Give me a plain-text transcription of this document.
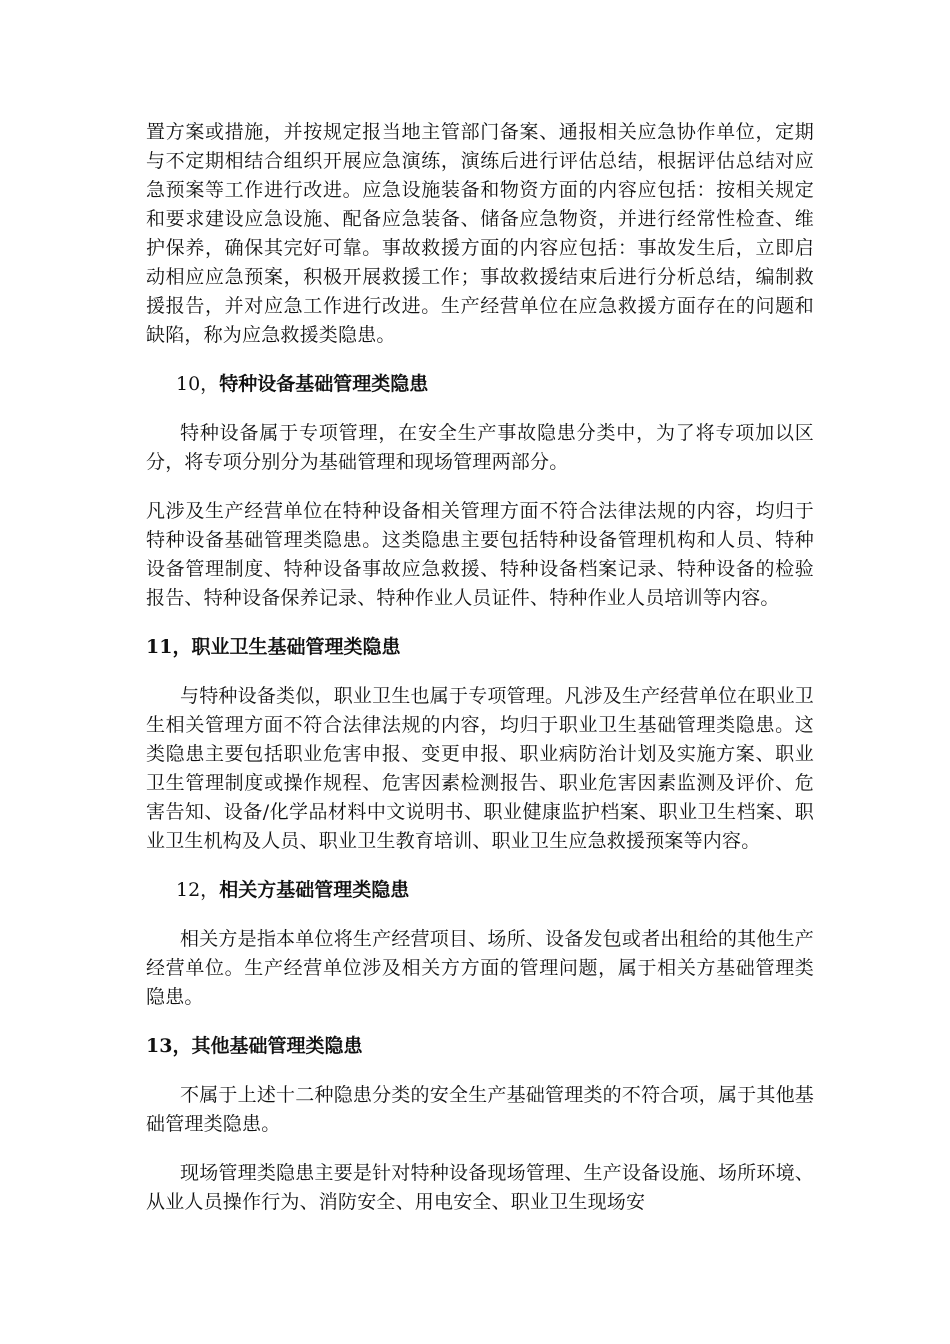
置方案或措施，并按规定报当地主管部门备案、通报相关应急协作单位，定期与不定期相结合组织开展应急演练，演练后进行评估总结，根据评估总结对应急预案等工作进行改进。应急设施装备和物资方面的内容应包括：按相关规定和要求建设应急设施、配备应急装备、储备应急物资，并进行经常性检查、维护保养，确保其完好可靠。事故救援方面的内容应包括：事故发生后，立即启动相应应急预案，积极开展救援工作；事故救援结束后进行分析总结，编制救援报告，并对应急工作进行改进。生产经营单位在应急救援方面存在的问题和缺陷，称为应急救援类隐患。

10，特种设备基础管理类隐患

特种设备属于专项管理，在安全生产事故隐患分类中，为了将专项加以区分，将专项分别分为基础管理和现场管理两部分。

凡涉及生产经营单位在特种设备相关管理方面不符合法律法规的内容，均归于特种设备基础管理类隐患。这类隐患主要包括特种设备管理机构和人员、特种设备管理制度、特种设备事故应急救援、特种设备档案记录、特种设备的检验报告、特种设备保养记录、特种作业人员证件、特种作业人员培训等内容。

11，职业卫生基础管理类隐患

与特种设备类似，职业卫生也属于专项管理。凡涉及生产经营单位在职业卫生相关管理方面不符合法律法规的内容，均归于职业卫生基础管理类隐患。这类隐患主要包括职业危害申报、变更申报、职业病防治计划及实施方案、职业卫生管理制度或操作规程、危害因素检测报告、职业危害因素监测及评价、危害告知、设备/化学品材料中文说明书、职业健康监护档案、职业卫生档案、职业卫生机构及人员、职业卫生教育培训、职业卫生应急救援预案等内容。

12，相关方基础管理类隐患

相关方是指本单位将生产经营项目、场所、设备发包或者出租给的其他生产经营单位。生产经营单位涉及相关方方面的管理问题，属于相关方基础管理类隐患。

13，其他基础管理类隐患

不属于上述十二种隐患分类的安全生产基础管理类的不符合项，属于其他基础管理类隐患。

现场管理类隐患主要是针对特种设备现场管理、生产设备设施、场所环境、从业人员操作行为、消防安全、用电安全、职业卫生现场安
